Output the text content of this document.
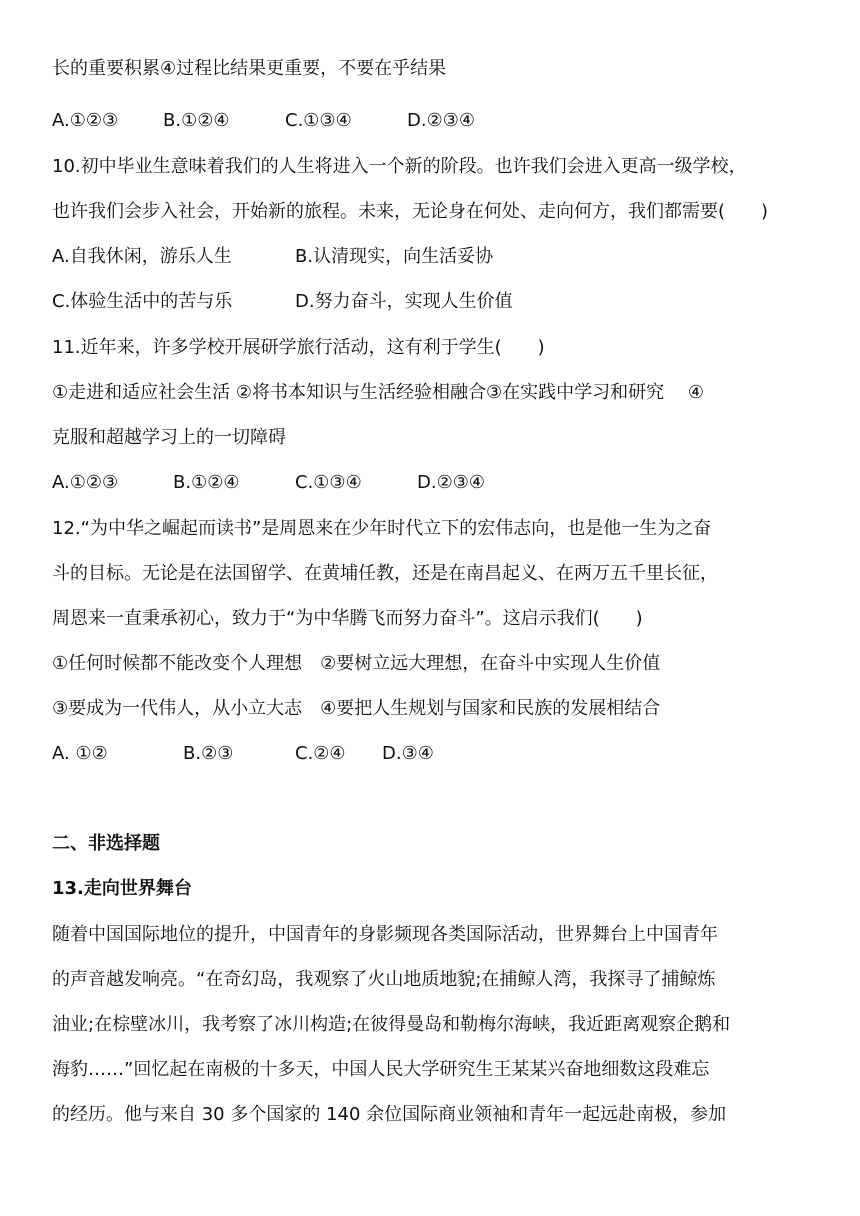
长的重要积累④过程比结果更重要，不要在乎结果
A.①②③ B.①②④	C.①③④	D.②③④
10.初中毕业生意味着我们的人生将进入一个新的阶段。也许我们会进入更高一级学校，
也许我们会步入社会，开始新的旅程。未来，无论身在何处、走向何方，我们都需要(　　)
A.自我休闲，游乐人生	B.认清现实，向生活妥协
C.体验生活中的苦与乐	D.努力奋斗，实现人生价值
11.近年来，许多学校开展研学旅行活动，这有利于学生(　　)
①走进和适应社会生活 ②将书本知识与生活经验相融合③在实践中学习和研究　 ④
克服和超越学习上的一切障碍
A.①②③	B.①②④	C.①③④	D.②③④
12.“为中华之崛起而读书”是周恩来在少年时代立下的宏伟志向，也是他一生为之奋
斗的目标。无论是在法国留学、在黄埔任教，还是在南昌起义、在两万五千里长征，
周恩来一直秉承初心，致力于“为中华腾飞而努力奋斗”。这启示我们(　　)
①任何时候都不能改变个人理想　②要树立远大理想，在奋斗中实现人生价值
③要成为一代伟人，从小立大志　④要把人生规划与国家和民族的发展相结合
A. ①②	B.②③	C.②④ D.③④
二、非选择题
13.走向世界舞台
随着中国国际地位的提升，中国青年的身影频现各类国际活动，世界舞台上中国青年
的声音越发响亮。“在奇幻岛，我观察了火山地质地貌;在捕鲸人湾，我探寻了捕鲸炼
油业;在棕壁冰川，我考察了冰川构造;在彼得曼岛和勒梅尔海峡，我近距离观察企鹅和
海豹……”回忆起在南极的十多天，中国人民大学研究生王某某兴奋地细数这段难忘
的经历。他与来自 30 多个国家的 140 余位国际商业领袖和青年一起远赴南极，参加
